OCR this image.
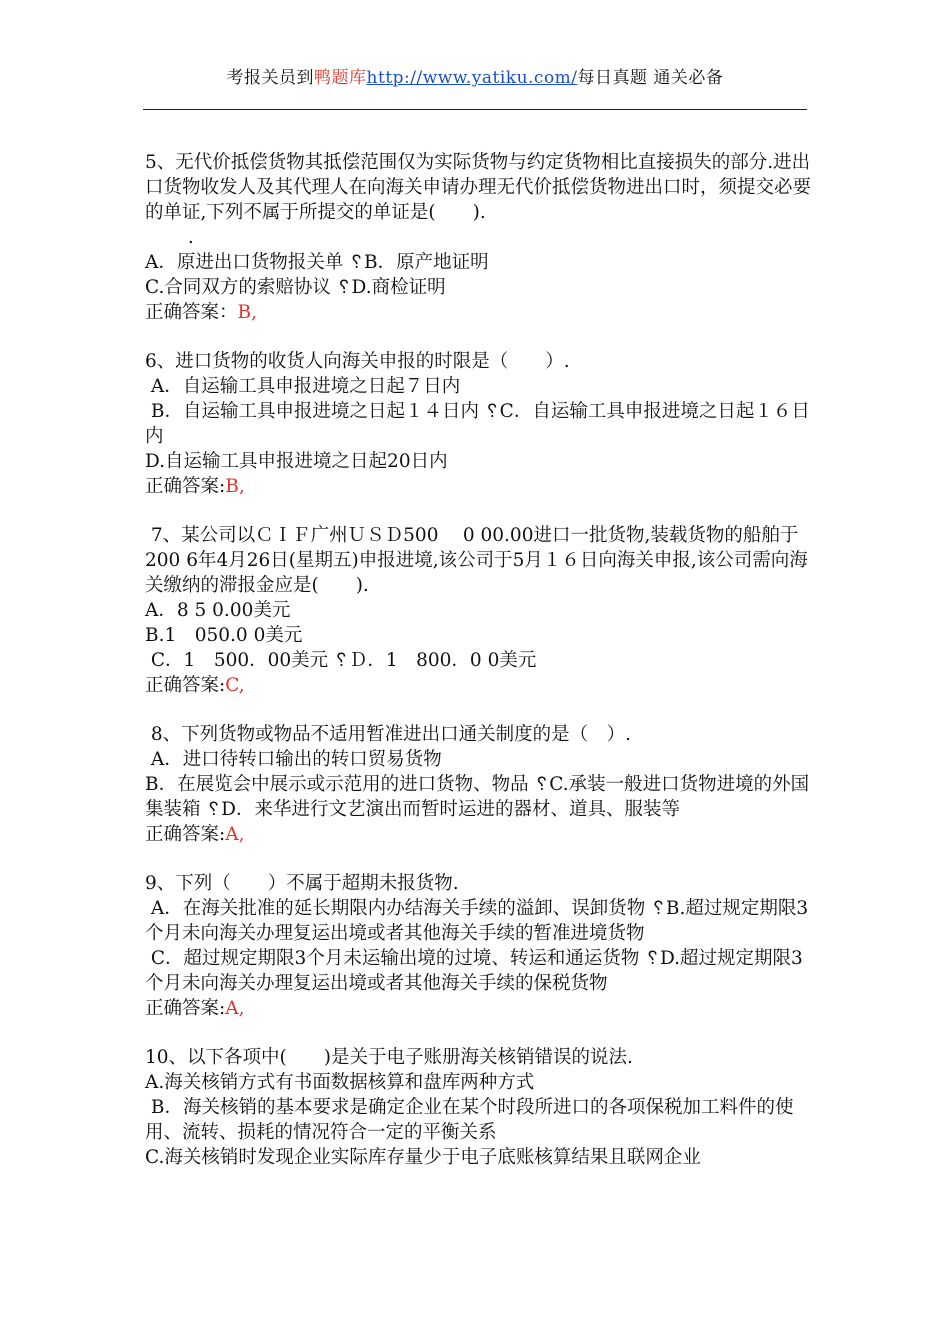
考报关员到鸭题库http://www.yatiku.com/每日真题 通关必备

5、无代价抵偿货物其抵偿范围仅为实际货物与约定货物相比直接损失的部分.进出口货物收发人及其代理人在向海关申请办理无代价抵偿货物进出口时，须提交必要的单证,下列不属于所提交的单证是(　　).

　　 .

A．原进出口货物报关单 ␦B．原产地证明

C.合同双方的索赔协议 ␦D.商检证明

正确答案：B,

6、进口货物的收货人向海关申报的时限是（　　）.

A．自运输工具申报进境之日起７日内

B．自运输工具申报进境之日起１４日内 ␦C．自运输工具申报进境之日起１６日内

D.自运输工具申报进境之日起20日内

正确答案:B,

7、某公司以ＣＩＦ广州ＵＳＤ500　 0 00.00进口一批货物,装载货物的船舶于200 6年4月26日(星期五)申报进境,该公司于5月１６日向海关申报,该公司需向海关缴纳的滞报金应是(　　).

A．8 5 0.00美元

B.1　050.0 0美元

C．1　500．00美元 ␦Ｄ．1　800．0 0美元

正确答案:C,

8、下列货物或物品不适用暂准进出口通关制度的是（　）.

A．进口待转口输出的转口贸易货物

B．在展览会中展示或示范用的进口货物、物品 ␦C.承装一般进口货物进境的外国集装箱 ␦D．来华进行文艺演出而暂时运进的器材、道具、服装等

正确答案:A,

9、下列（　　）不属于超期未报货物.

A．在海关批准的延长期限内办结海关手续的溢卸、误卸货物 ␦B.超过规定期限3个月未向海关办理复运出境或者其他海关手续的暂准进境货物

C．超过规定期限3个月未运输出境的过境、转运和通运货物 ␦D.超过规定期限3个月未向海关办理复运出境或者其他海关手续的保税货物

正确答案:A,

10、以下各项中(　　)是关于电子账册海关核销错误的说法.

A.海关核销方式有书面数据核算和盘库两种方式

B．海关核销的基本要求是确定企业在某个时段所进口的各项保税加工料件的使用、流转、损耗的情况符合一定的平衡关系

C.海关核销时发现企业实际库存量少于电子底账核算结果且联网企业
